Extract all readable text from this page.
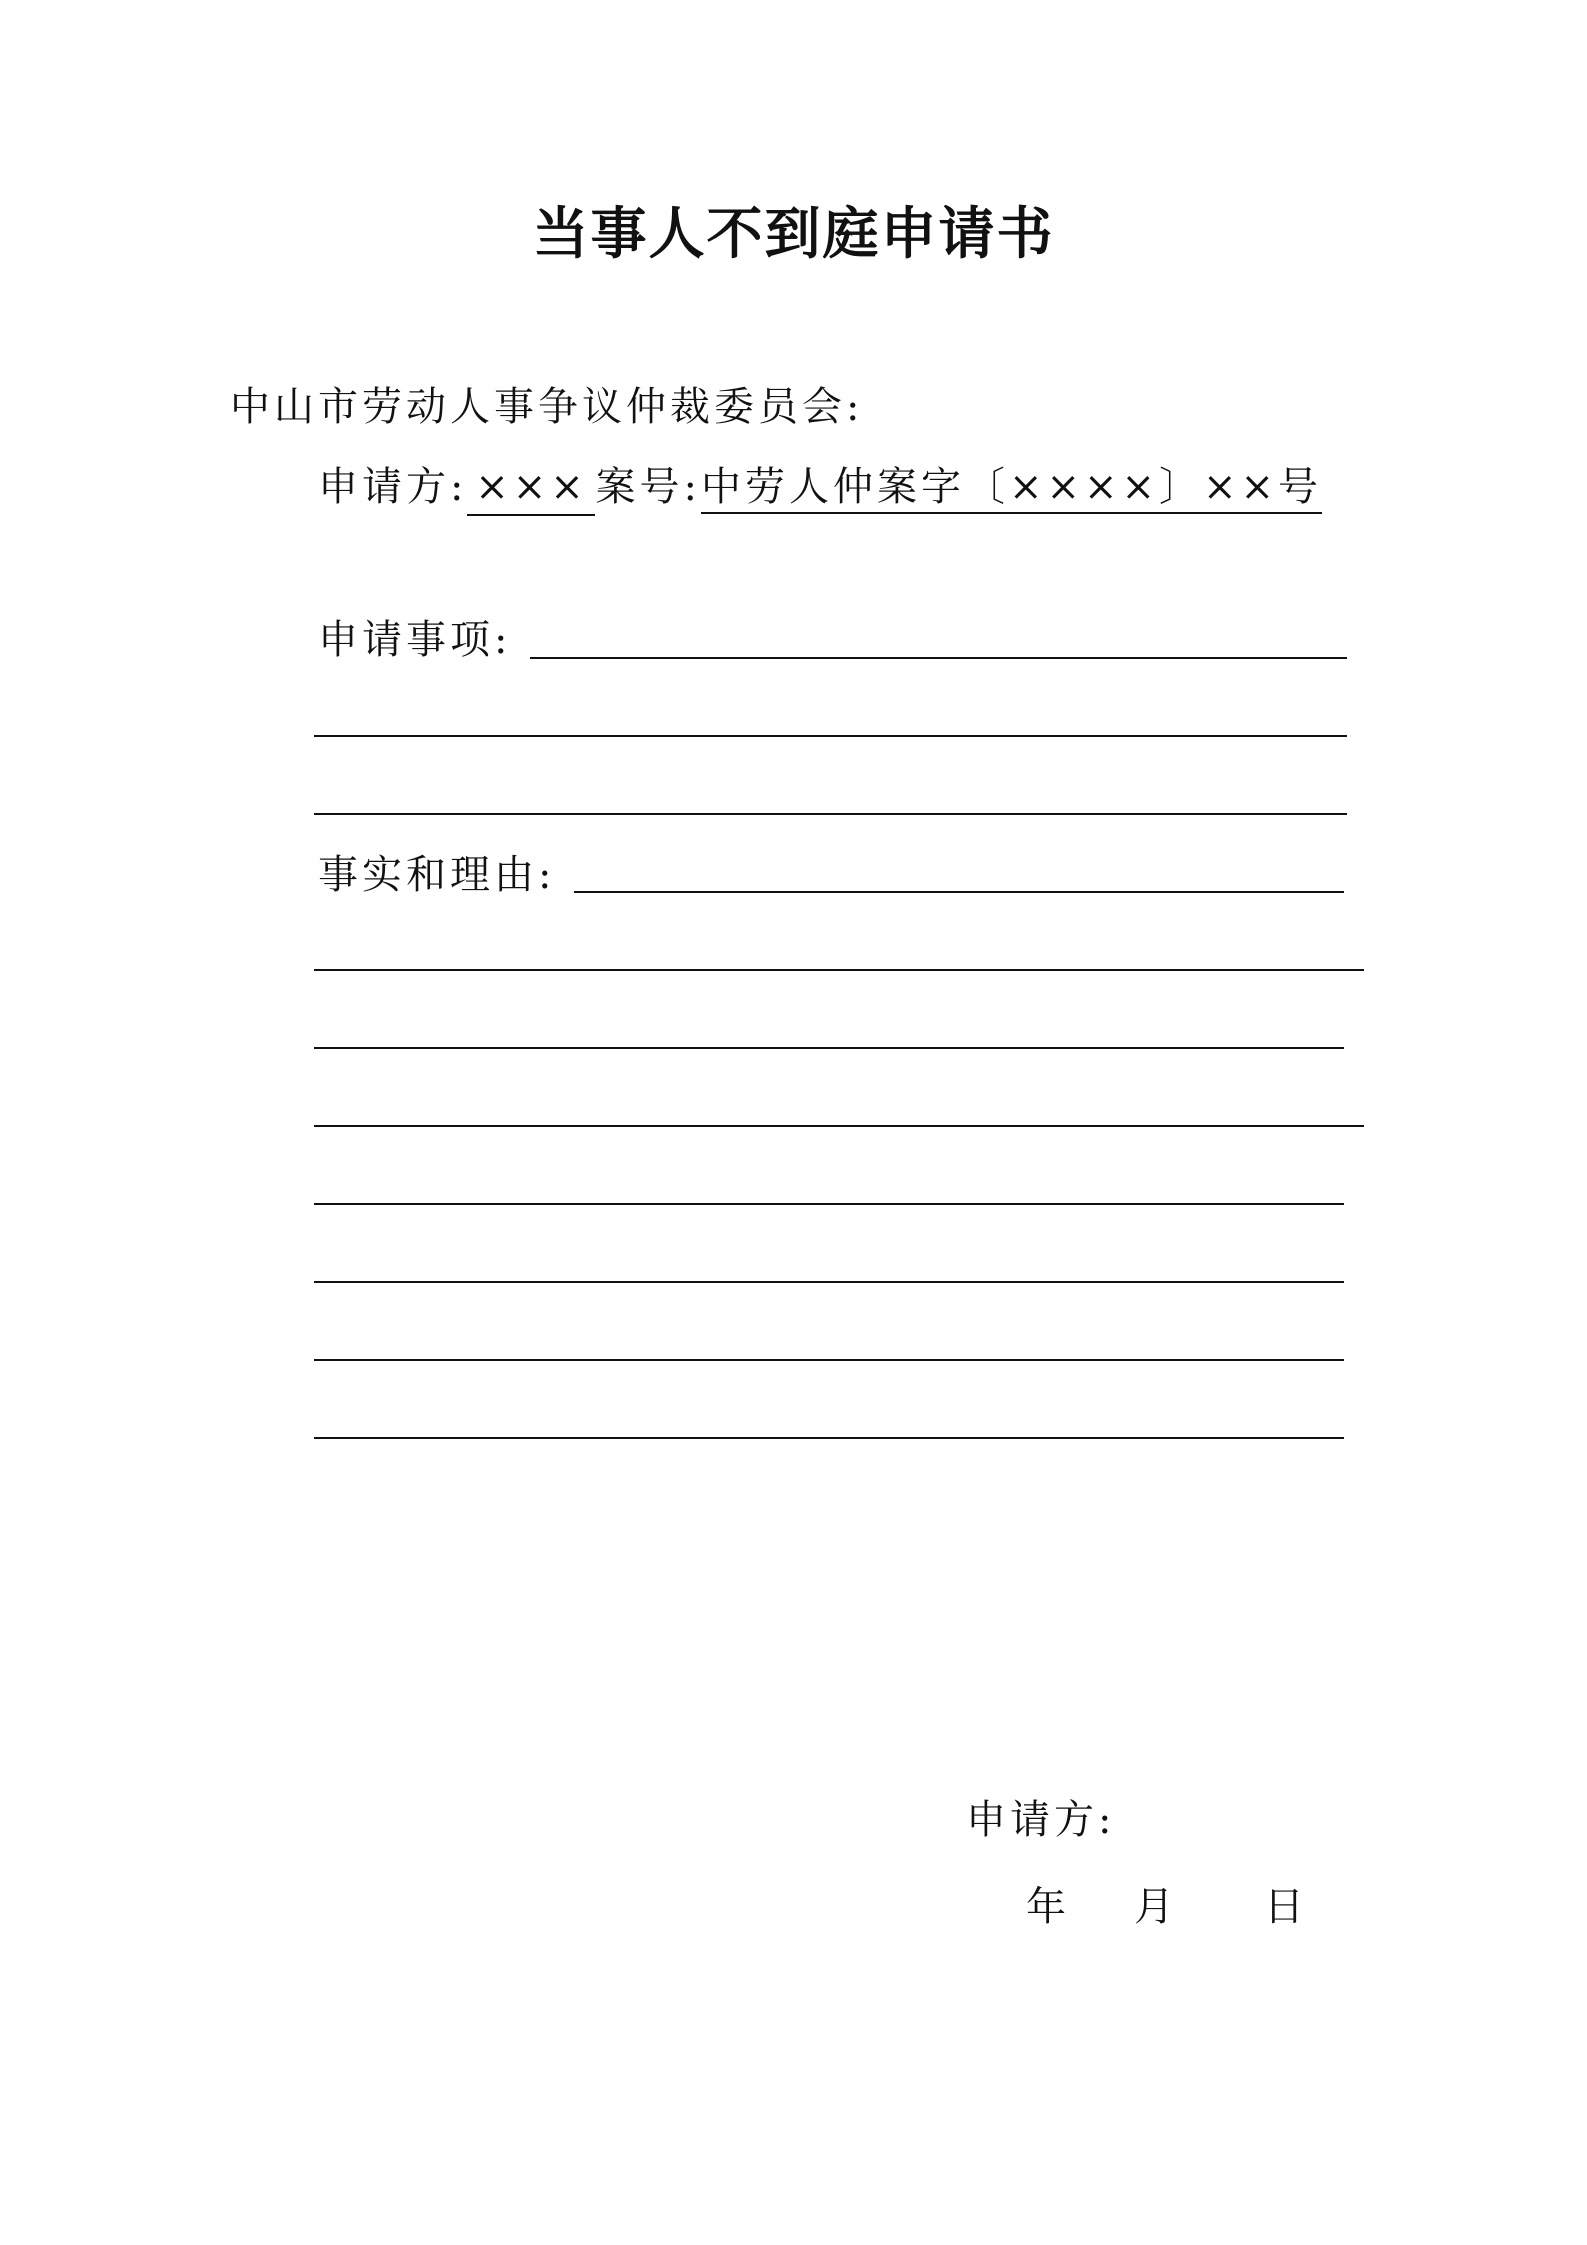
当事人不到庭申请书
中山市劳动人事争议仲裁委员会:
申请方: ××× 案号:中劳人仲案字〔××××〕××号
申请事项:
事实和理由:
申请方:
年 月 日
